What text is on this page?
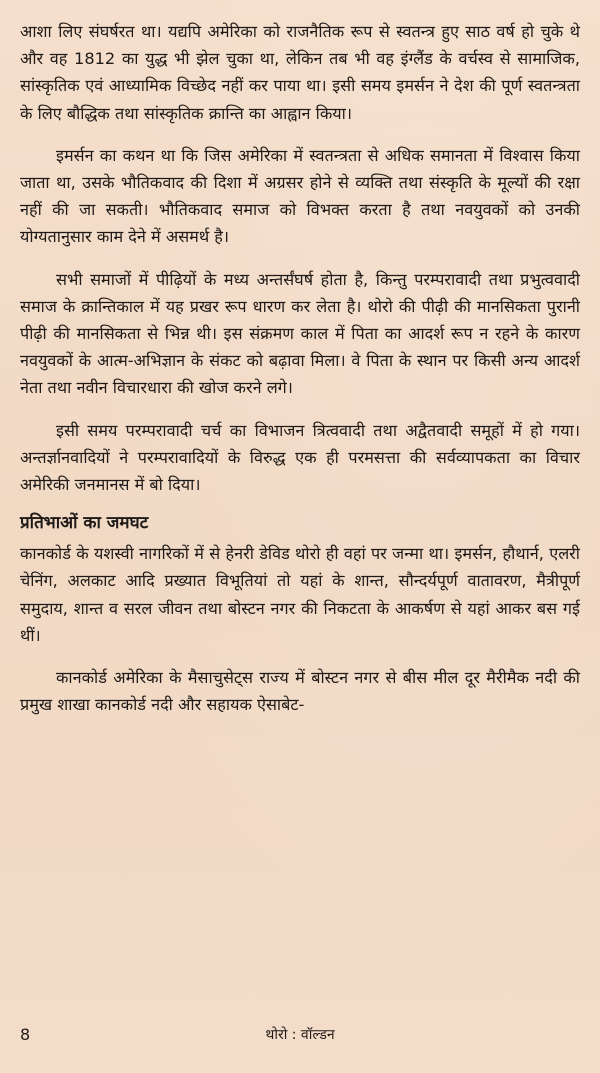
आशा लिए संघर्षरत था। यद्यपि अमेरिका को राजनैतिक रूप से स्वतन्त्र हुए साठ वर्ष हो चुके थे और वह 1812 का युद्ध भी झेल चुका था, लेकिन तब भी वह इंग्लैंड के वर्चस्व से सामाजिक, सांस्कृतिक एवं आध्यामिक विच्छेद नहीं कर पाया था। इसी समय इमर्सन ने देश की पूर्ण स्वतन्त्रता के लिए बौद्धिक तथा सांस्कृतिक क्रान्ति का आह्वान किया।

इमर्सन का कथन था कि जिस अमेरिका में स्वतन्त्रता से अधिक समानता में विश्वास किया जाता था, उसके भौतिकवाद की दिशा में अग्रसर होने से व्यक्ति तथा संस्कृति के मूल्यों की रक्षा नहीं की जा सकती। भौतिकवाद समाज को विभक्त करता है तथा नवयुवकों को उनकी योग्यतानुसार काम देने में असमर्थ है।

सभी समाजों में पीढ़ियों के मध्य अन्तर्संघर्ष होता है, किन्तु परम्परावादी तथा प्रभुत्ववादी समाज के क्रान्तिकाल में यह प्रखर रूप धारण कर लेता है। थोरो की पीढ़ी की मानसिकता पुरानी पीढ़ी की मानसिकता से भिन्न थी। इस संक्रमण काल में पिता का आदर्श रूप न रहने के कारण नवयुवकों के आत्म-अभिज्ञान के संकट को बढ़ावा मिला। वे पिता के स्थान पर किसी अन्य आदर्श नेता तथा नवीन विचारधारा की खोज करने लगे।

इसी समय परम्परावादी चर्च का विभाजन त्रित्ववादी तथा अद्वैतवादी समूहों में हो गया। अन्तर्ज्ञानवादियों ने परम्परावादियों के विरुद्ध एक ही परमसत्ता की सर्वव्यापकता का विचार अमेरिकी जनमानस में बो दिया।

प्रतिभाओं का जमघट

कानकोर्ड के यशस्वी नागरिकों में से हेनरी डेविड थोरो ही वहां पर जन्मा था। इमर्सन, हौथार्न, एलरी चेनिंग, अलकाट आदि प्रख्यात विभूतियां तो यहां के शान्त, सौन्दर्यपूर्ण वातावरण, मैत्रीपूर्ण समुदाय, शान्त व सरल जीवन तथा बोस्टन नगर की निकटता के आकर्षण से यहां आकर बस गई थीं।

कानकोर्ड अमेरिका के मैसाचुसेट्स राज्य में बोस्टन नगर से बीस मील दूर मैरीमैक नदी की प्रमुख शाखा कानकोर्ड नदी और सहायक ऐसाबेट-

8	थोरो : वॉल्डन
